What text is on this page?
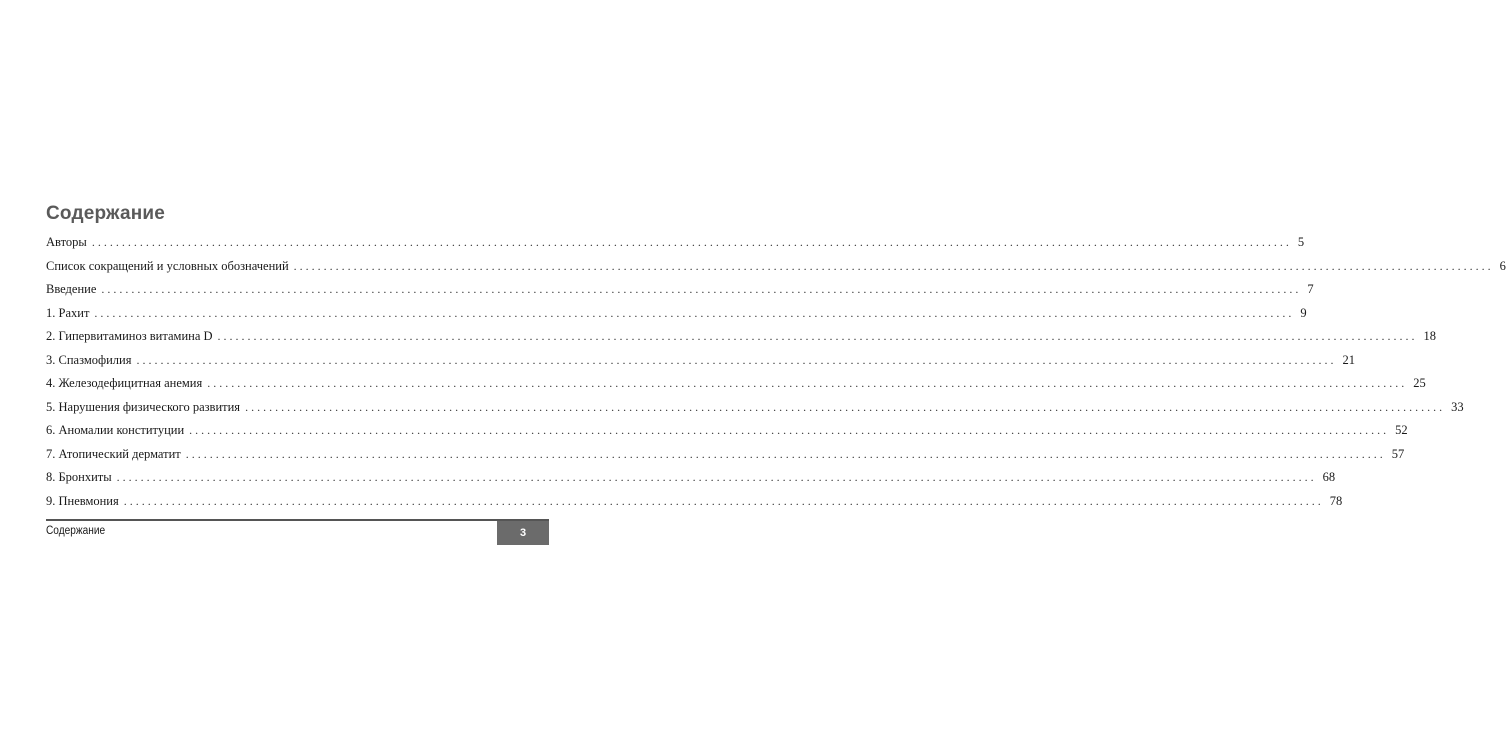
Содержание
Авторы ........................................................................................................................................................................................................ 5
Список сокращений и условных обозначений ........................................................................................................................................................................................................ 6
Введение ........................................................................................................................................................................................................ 7
1. Рахит ........................................................................................................................................................................................................ 9
2. Гипервитаминоз витамина D ........................................................................................................................................................................................................ 18
3. Спазмофилия ........................................................................................................................................................................................................ 21
4. Железодефицитная анемия ........................................................................................................................................................................................................ 25
5. Нарушения физического развития ........................................................................................................................................................................................................ 33
6. Аномалии конституции ........................................................................................................................................................................................................ 52
7. Атопический дерматит ........................................................................................................................................................................................................ 57
8. Бронхиты ........................................................................................................................................................................................................ 68
9. Пневмония ........................................................................................................................................................................................................ 78
Содержание	3
